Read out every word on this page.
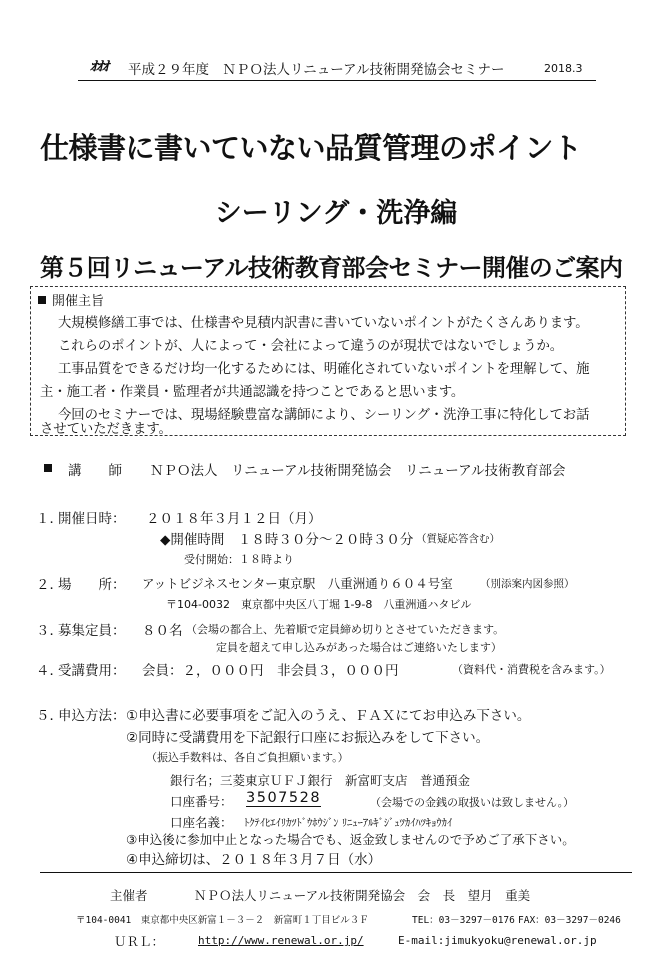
ｵｵｵ 平成２９年度　ＮＰＯ法人リニューアル技術開発協会セミナー	2018.3
仕様書に書いていない品質管理のポイント
シーリング・洗浄編
第５回リニューアル技術教育部会セミナー開催のご案内
開催主旨
大規模修繕工事では、仕様書や見積内訳書に書いていないポイントがたくさんあります。
これらのポイントが、人によって・会社によって違うのが現状ではないでしょうか。
工事品質をできるだけ均一化するためには、明確化されていないポイントを理解して、施
主・施工者・作業員・監理者が共通認識を持つことであると思います。
今回のセミナーでは、現場経験豊富な講師により、シーリング・洗浄工事に特化してお話
させていただきます。
講　　師 ＮＰＯ法人　リニューアル技術開発協会　リニューアル技術教育部会
１．
開催日時： ２０１８年３月１２日（月）
◆開催時間　１８時３０分～２０時３０分 （質疑応答含む）
受付開始：１８時より
２．
場　　所： アットビジネスセンター東京駅　八重洲通り６０４号室	（別添案内図参照）
〒104-0032　東京都中央区八丁堀 1-9-8　八重洲通ハタビル
３．
募集定員： ８０名 （会場の都合上、先着順で定員締め切りとさせていただきます。
定員を超えて申し込みがあった場合はご連絡いたします）
４．
受講費用： 会員：２，０００円　非会員３，０００円	（資料代・消費税を含みます。）
５．
申込方法： ①申込書に必要事項をご記入のうえ、ＦＡＸにてお申込み下さい。
②同時に受講費用を下記銀行口座にお振込みをして下さい。
（振込手数料は、各自ご負担願います。）
銀行名；三菱東京ＵＦＪ銀行　新富町支店　普通預金
口座番号： 3507528	（会場での金銭の取扱いは致しません。）
口座名義： ﾄｸﾃｲﾋｴｲﾘｶﾂﾄﾞｳﾎｳｼﾞﾝ ﾘﾆｭｰｱﾙｷﾞｼﾞｭﾂｶｲﾊﾂｷｮｳｶｲ
③申込後に参加中止となった場合でも、返金致しませんので予めご了承下さい。
④申込締切は、２０１８年３月７日（水）
主催者	ＮＰＯ法人リニューアル技術開発協会　会　長　望月　重美
〒104-0041　東京都中央区新富１－３－２　新富町１丁目ビル３Ｆ	TEL：03－3297－0176 FAX：03－3297－0246
ＵＲＬ：	http://www.renewal.or.jp/	E-mail:jimukyoku@renewal.or.jp
